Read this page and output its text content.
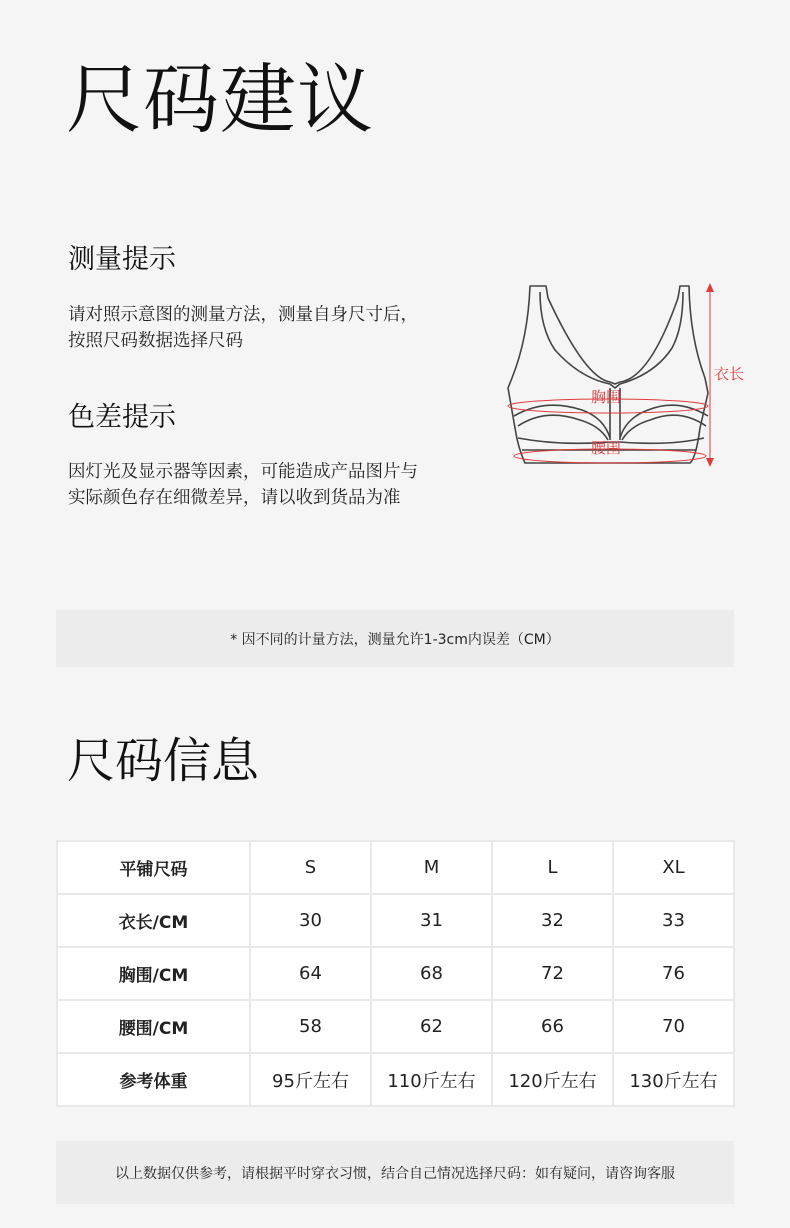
尺码建议
测量提示
请对照示意图的测量方法，测量自身尺寸后，
按照尺码数据选择尺码
色差提示
因灯光及显示器等因素，可能造成产品图片与
实际颜色存在细微差异，请以收到货品为准
衣长
胸围
腰围
* 因不同的计量方法，测量允许1-3cm内误差（CM）
尺码信息
平铺尺码	S	M	L	XL
衣长/CM	30	31	32	33
胸围/CM	64	68	72	76
腰围/CM	58	62	66	70
参考体重	95斤左右	110斤左右	120斤左右	130斤左右
以上数据仅供参考，请根据平时穿衣习惯，结合自己情况选择尺码：如有疑问，请咨询客服
